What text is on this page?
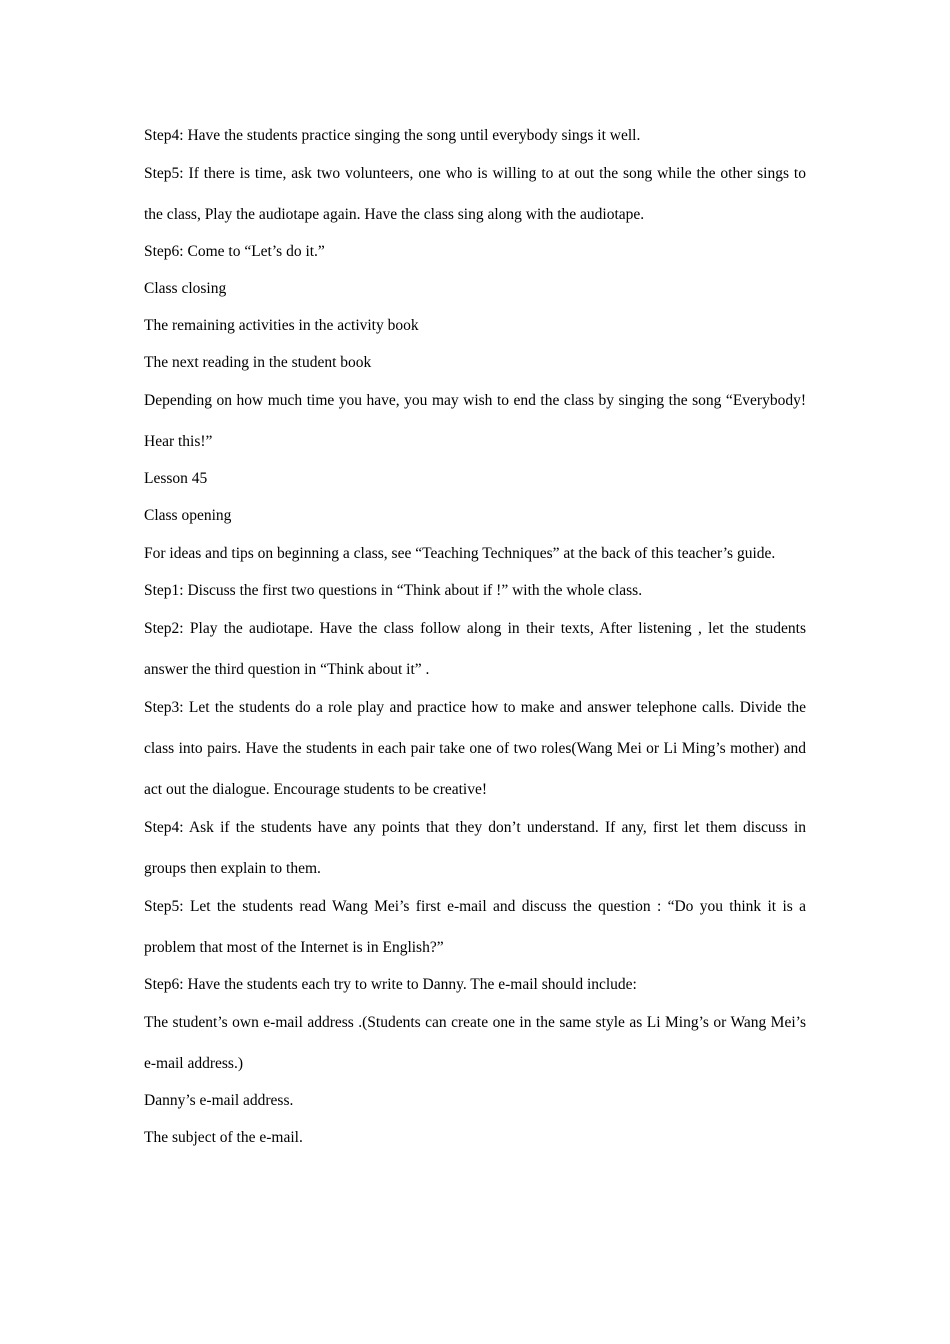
Step4: Have the students practice singing the song until everybody sings it well.

Step5: If there is time, ask two volunteers, one who is willing to at out the song while the other sings to the class, Play the audiotape again. Have the class sing along with the audiotape.

Step6: Come to “Let’s do it.”

Class closing

The remaining activities in the activity book

The next reading in the student book

Depending on how much time you have, you may wish to end the class by singing the song “Everybody! Hear this!”

Lesson 45

Class opening

For ideas and tips on beginning a class, see “Teaching Techniques” at the back of this teacher’s guide.

Step1: Discuss the first two questions in “Think about if !” with the whole class.

Step2: Play the audiotape. Have the class follow along in their texts, After listening , let the students answer the third question in “Think about it” .

Step3: Let the students do a role play and practice how to make and answer telephone calls. Divide the class into pairs. Have the students in each pair take one of two roles(Wang Mei or Li Ming’s mother) and act out the dialogue. Encourage students to be creative!

Step4: Ask if the students have any points that they don’t understand. If any, first let them discuss in groups then explain to them.

Step5: Let the students read Wang Mei’s first e-mail and discuss the question : “Do you think it is a problem that most of the Internet is in English?”

Step6: Have the students each try to write to Danny. The e-mail should include:

The student’s own e-mail address .(Students can create one in the same style as Li Ming’s or Wang Mei’s e-mail address.)

Danny’s e-mail address.

The subject of the e-mail.
